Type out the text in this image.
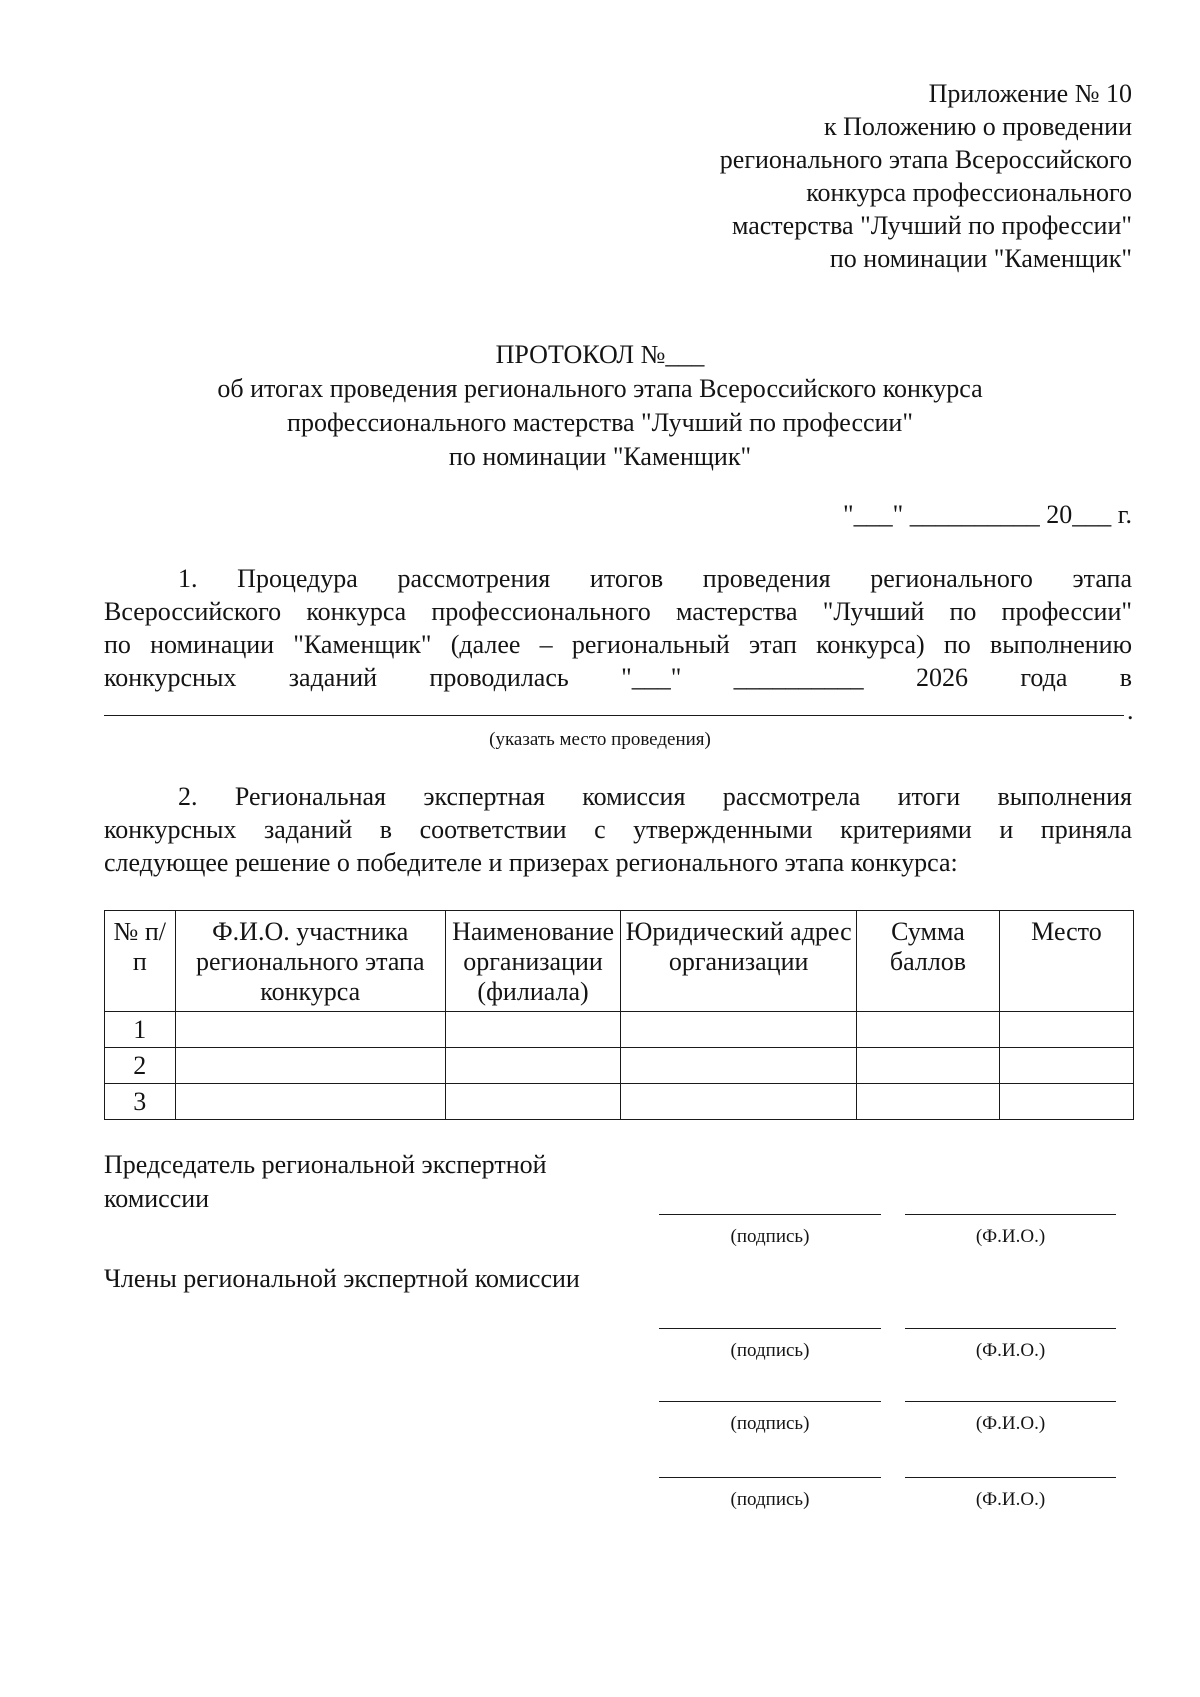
Приложение № 10
к Положению о проведении
регионального этапа Всероссийского
конкурса профессионального
мастерства "Лучший по профессии"
по номинации "Каменщик"
ПРОТОКОЛ №___
об итогах проведения регионального этапа Всероссийского конкурса
профессионального мастерства "Лучший по профессии"
по номинации "Каменщик"
"___" __________ 20___ г.
1. Процедура рассмотрения итогов проведения регионального этапа
Всероссийского конкурса профессионального мастерства "Лучший по профессии"
по номинации "Каменщик" (далее – региональный этап конкурса) по выполнению
конкурсных заданий проводилась "___" __________ 2026 года в
.
(указать место проведения)
2. Региональная экспертная комиссия рассмотрела итоги выполнения
конкурсных заданий в соответствии с утвержденными критериями и приняла
следующее решение о победителе и призерах регионального этапа конкурса:
№ п/п	Ф.И.О. участника регионального этапа конкурса	Наименование организации (филиала)	Юридический адрес организации	Сумма баллов	Место
1					
2					
3					
Председатель региональной экспертной
комиссии
(подпись)	(Ф.И.О.)
Члены региональной экспертной комиссии
(подпись)	(Ф.И.О.)
(подпись)	(Ф.И.О.)
(подпись)	(Ф.И.О.)
